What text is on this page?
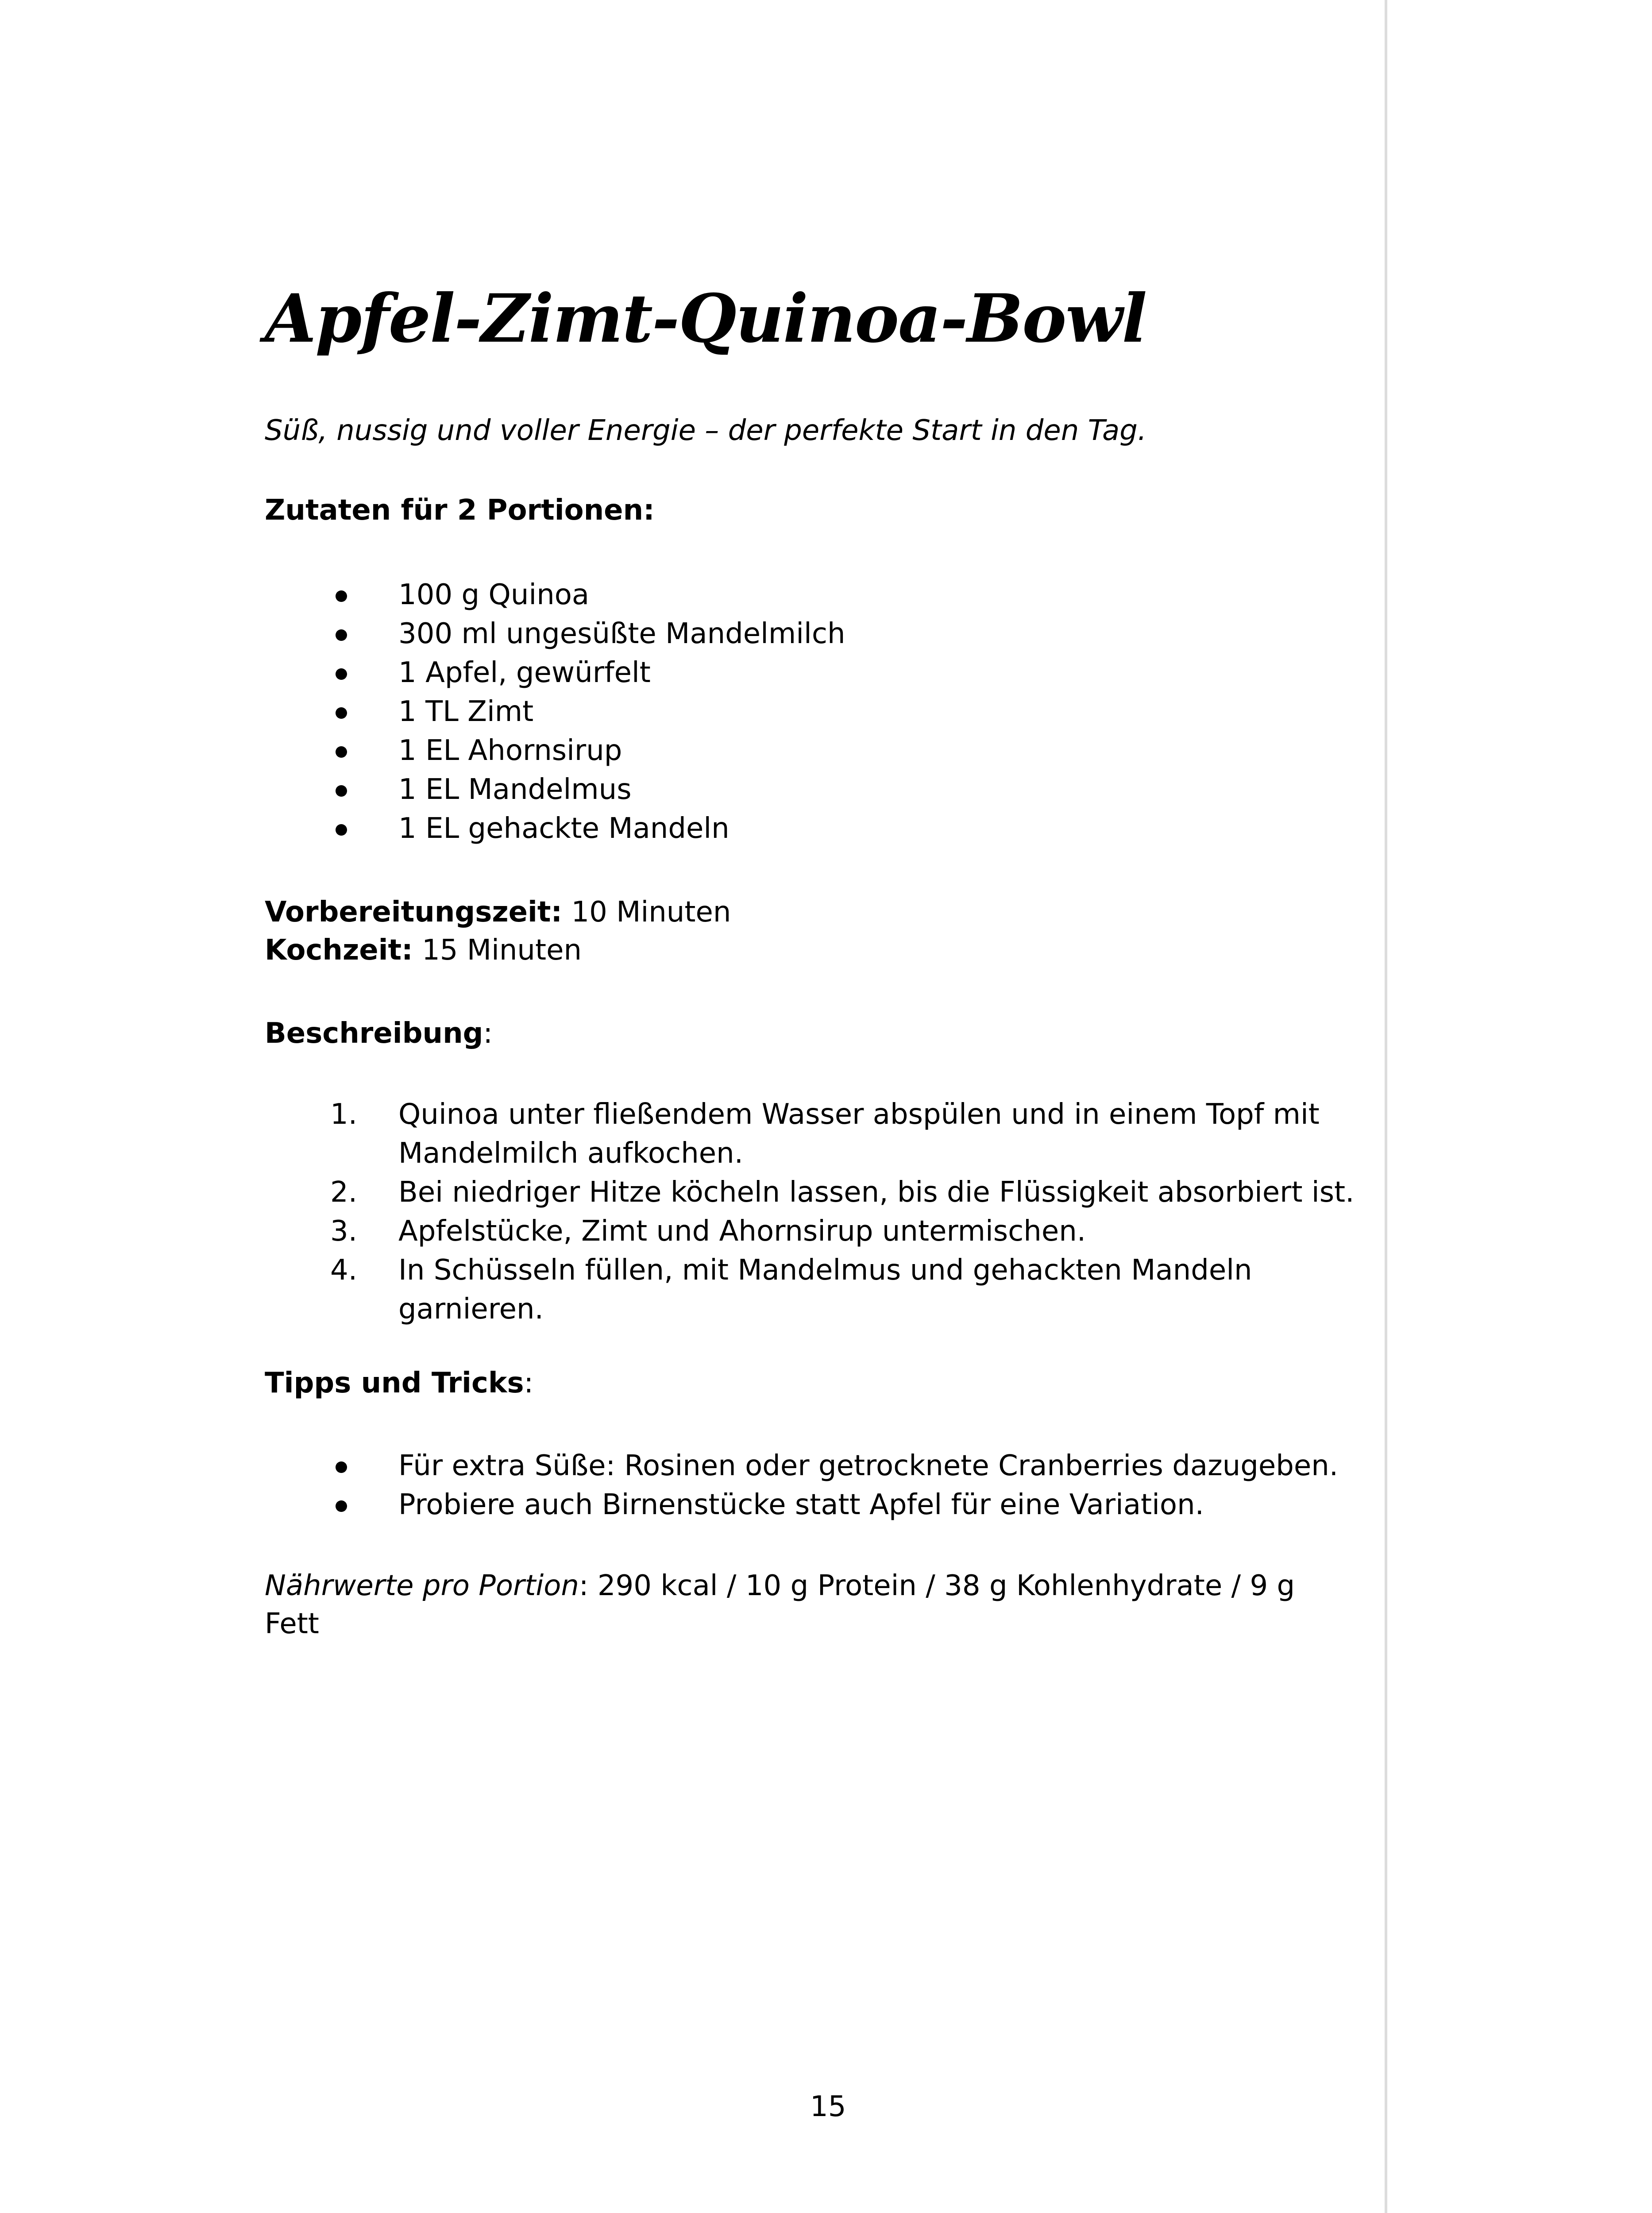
Apfel-Zimt-Quinoa-Bowl
Süß, nussig und voller Energie – der perfekte Start in den Tag.
Zutaten für 2 Portionen:
100 g Quinoa
300 ml ungesüßte Mandelmilch
1 Apfel, gewürfelt
1 TL Zimt
1 EL Ahornsirup
1 EL Mandelmus
1 EL gehackte Mandeln
Vorbereitungszeit: 10 Minuten
Kochzeit: 15 Minuten
Beschreibung:
1. Quinoa unter fließendem Wasser abspülen und in einem Topf mit Mandelmilch aufkochen.
2. Bei niedriger Hitze köcheln lassen, bis die Flüssigkeit absorbiert ist.
3. Apfelstücke, Zimt und Ahornsirup untermischen.
4. In Schüsseln füllen, mit Mandelmus und gehackten Mandeln garnieren.
Tipps und Tricks:
Für extra Süße: Rosinen oder getrocknete Cranberries dazugeben.
Probiere auch Birnenstücke statt Apfel für eine Variation.
Nährwerte pro Portion: 290 kcal / 10 g Protein / 38 g Kohlenhydrate / 9 g Fett
15
